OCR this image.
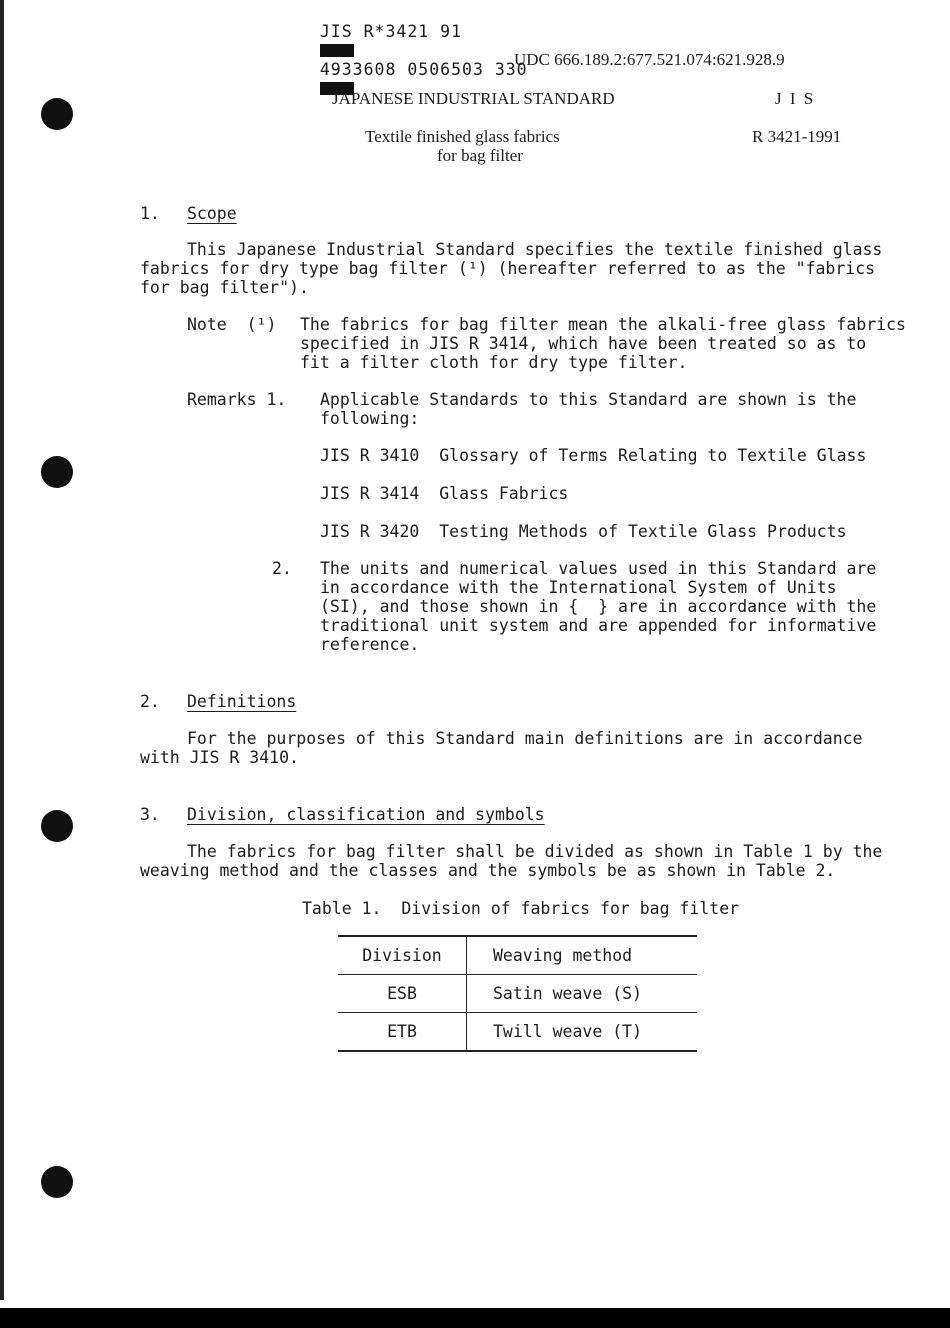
JIS R*3421 91

4933608 0506503 330

UDC 666.189.2:677.521.074:621.928.9
JAPANESE INDUSTRIAL STANDARD	J I S
Textile finished glass fabrics
for bag filter
R 3421-1991
1. Scope
This Japanese Industrial Standard specifies the textile finished glass
fabrics for dry type bag filter (¹) (hereafter referred to as the "fabrics
for bag filter").
Note  (¹) The fabrics for bag filter mean the alkali-free glass fabrics
specified in JIS R 3414, which have been treated so as to
fit a filter cloth for dry type filter.
Remarks 1. Applicable Standards to this Standard are shown is the
following:
JIS R 3410 Glossary of Terms Relating to Textile Glass
JIS R 3414 Glass Fabrics
JIS R 3420 Testing Methods of Textile Glass Products
2. The units and numerical values used in this Standard are
in accordance with the International System of Units
(SI), and those shown in {  } are in accordance with the
traditional unit system and are appended for informative
reference.
2. Definitions
For the purposes of this Standard main definitions are in accordance
with JIS R 3410.
3. Division, classification and symbols
The fabrics for bag filter shall be divided as shown in Table 1 by the
weaving method and the classes and the symbols be as shown in Table 2.
Table 1.  Division of fabrics for bag filter
Division	Weaving method
ESB	Satin weave (S)
ETB	Twill weave (T)
